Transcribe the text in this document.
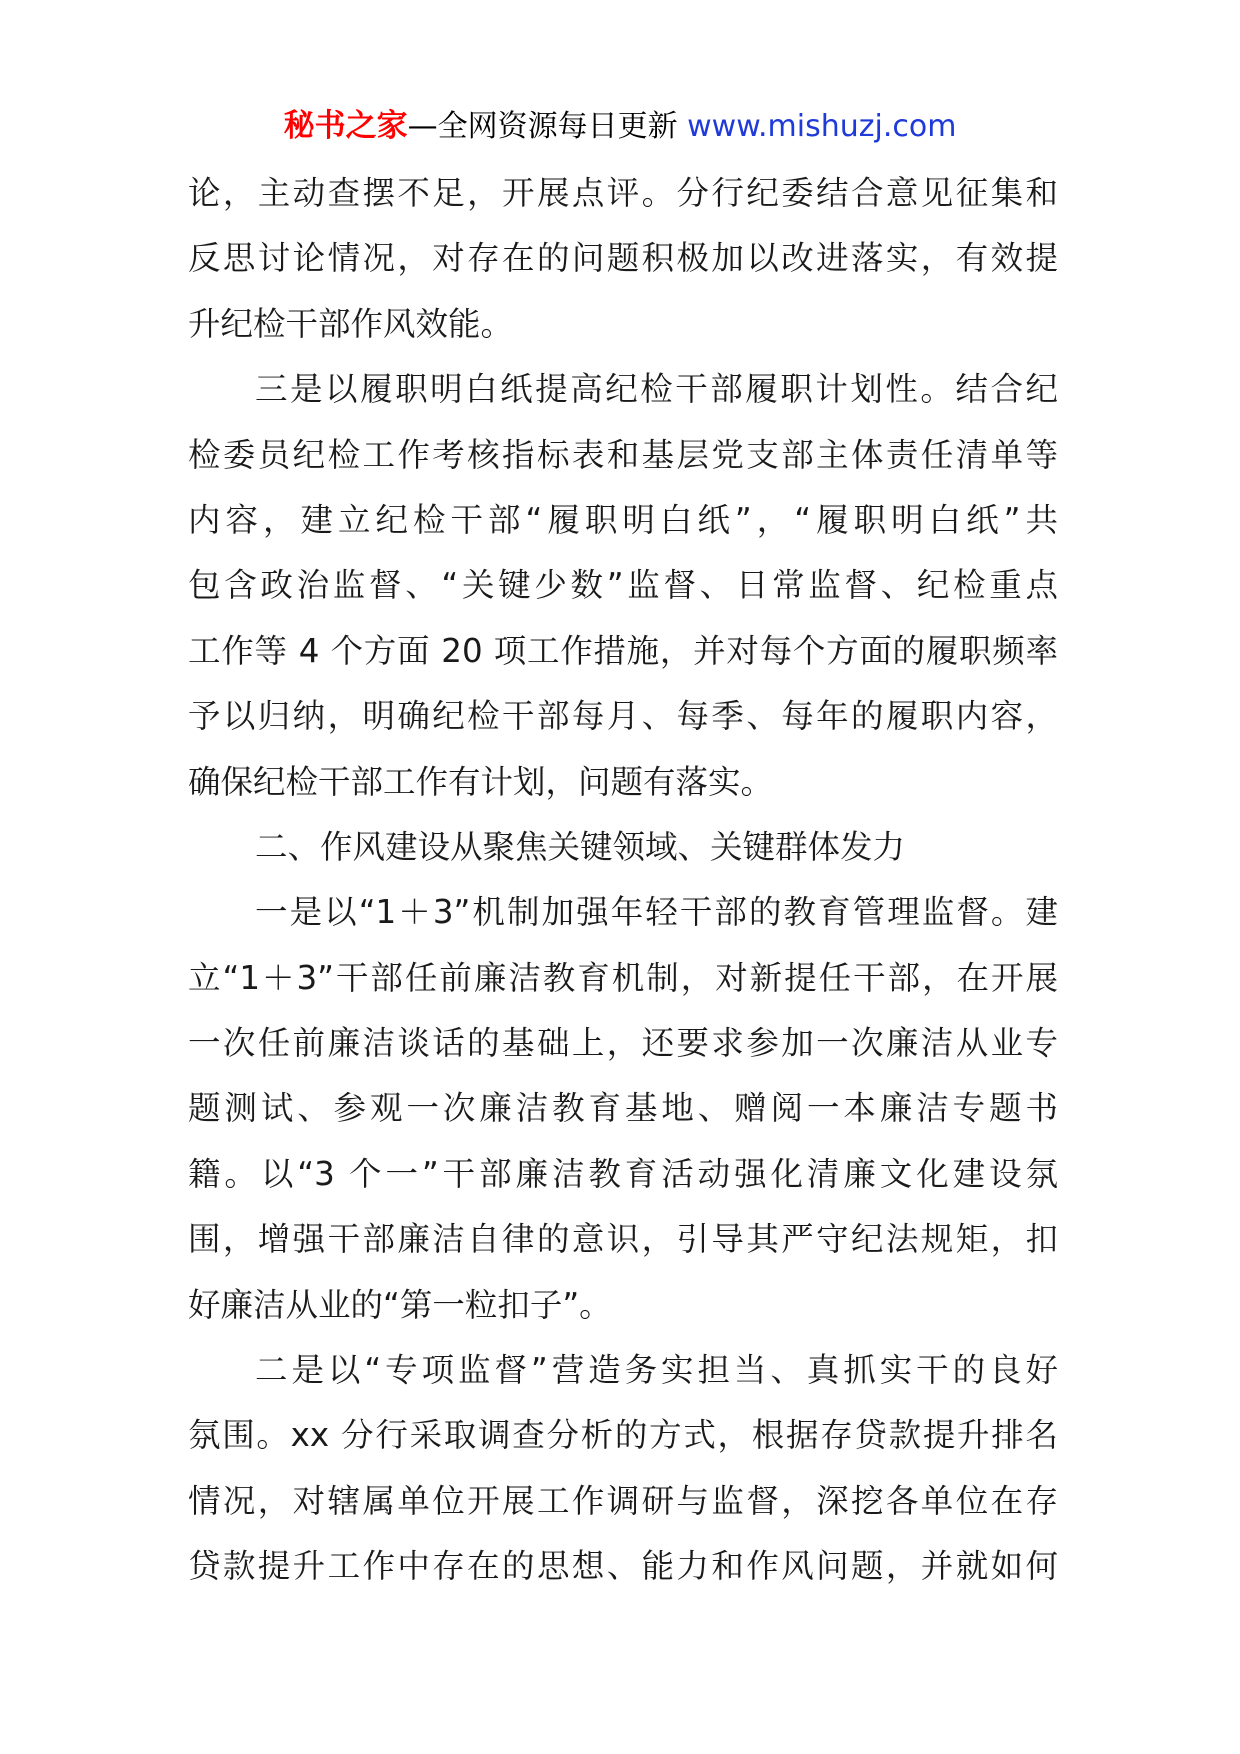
秘书之家—全网资源每日更新 www.mishuzj.com
论，主动查摆不足，开展点评。分行纪委结合意见征集和
反思讨论情况，对存在的问题积极加以改进落实，有效提
升纪检干部作风效能。
三是以履职明白纸提高纪检干部履职计划性。结合纪
检委员纪检工作考核指标表和基层党支部主体责任清单等
内容，建立纪检干部“履职明白纸”，“履职明白纸”共
包含政治监督、“关键少数”监督、日常监督、纪检重点
工作等 4 个方面 20 项工作措施，并对每个方面的履职频率
予以归纳，明确纪检干部每月、每季、每年的履职内容，
确保纪检干部工作有计划，问题有落实。
二、作风建设从聚焦关键领域、关键群体发力
一是以“1＋3”机制加强年轻干部的教育管理监督。建
立“1＋3”干部任前廉洁教育机制，对新提任干部，在开展
一次任前廉洁谈话的基础上，还要求参加一次廉洁从业专
题测试、参观一次廉洁教育基地、赠阅一本廉洁专题书
籍。以“3 个一”干部廉洁教育活动强化清廉文化建设氛
围，增强干部廉洁自律的意识，引导其严守纪法规矩，扣
好廉洁从业的“第一粒扣子”。
二是以“专项监督”营造务实担当、真抓实干的良好
氛围。xx 分行采取调查分析的方式，根据存贷款提升排名
情况，对辖属单位开展工作调研与监督，深挖各单位在存
贷款提升工作中存在的思想、能力和作风问题，并就如何
